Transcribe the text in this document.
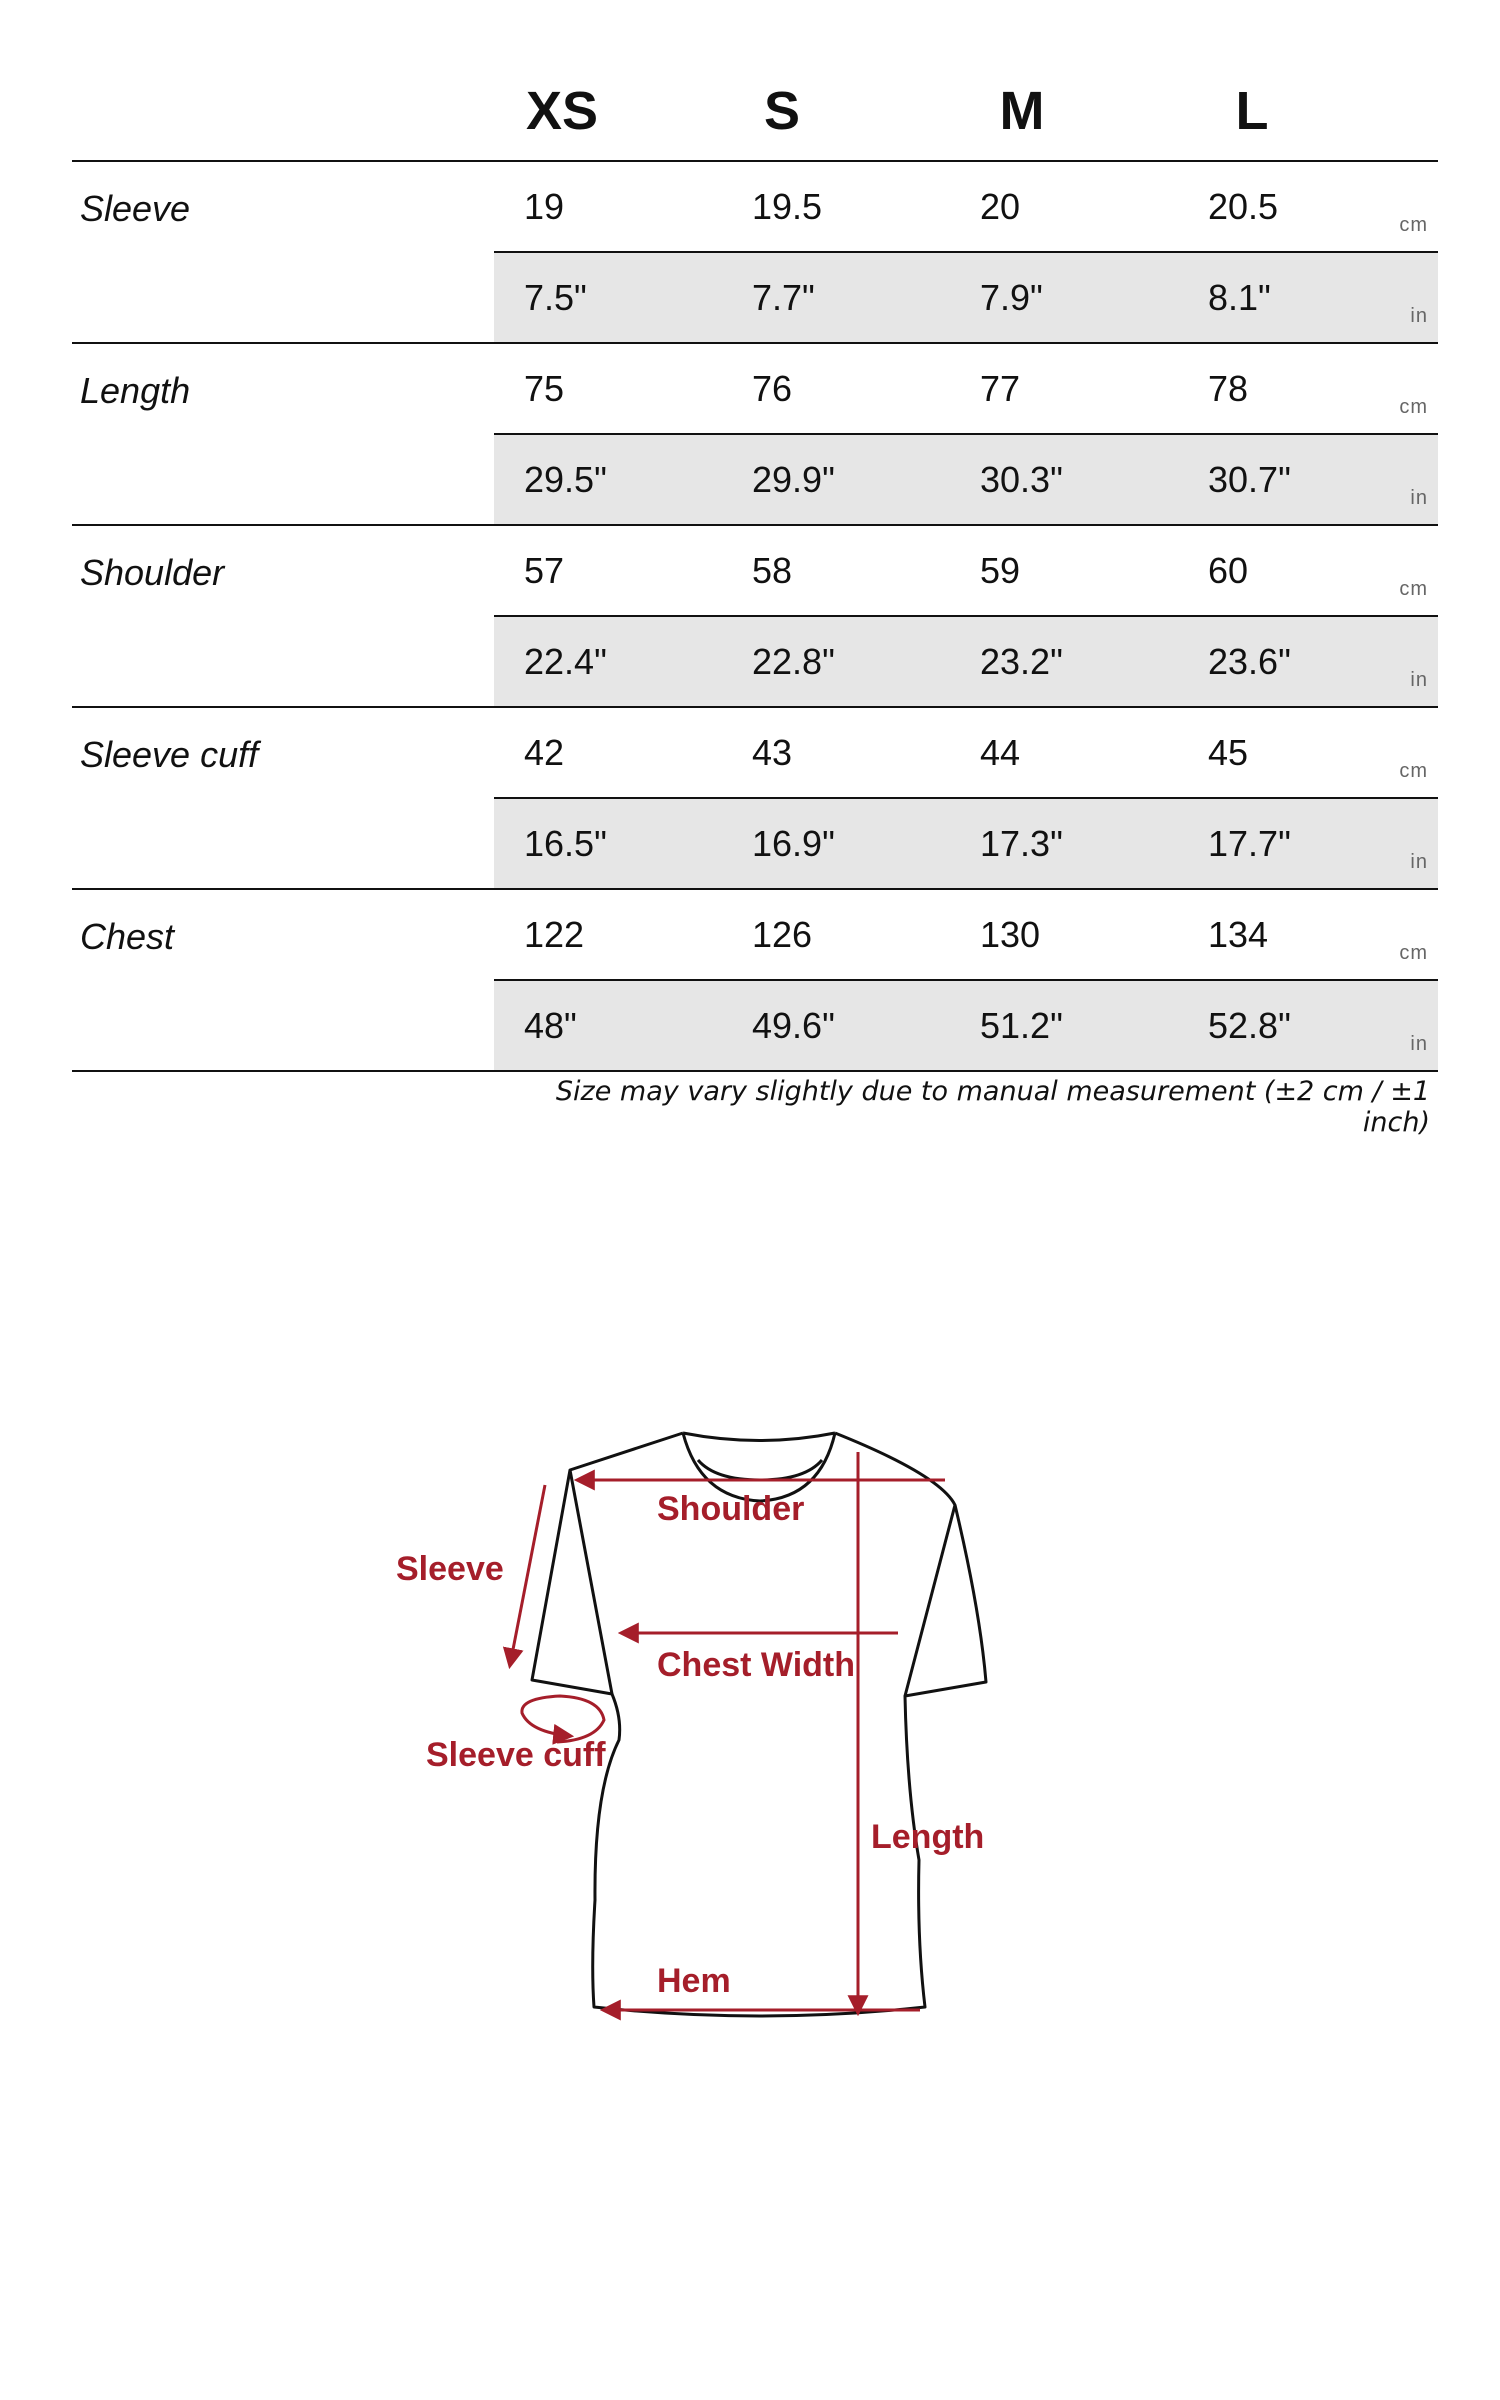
XS	S	M	L
Sleeve	19	19.5	20	20.5	cm
7.5"	7.7"	7.9"	8.1"	in
Length	75	76	77	78	cm
29.5"	29.9"	30.3"	30.7"	in
Shoulder	57	58	59	60	cm
22.4"	22.8"	23.2"	23.6"	in
Sleeve cuff	42	43	44	45	cm
16.5"	16.9"	17.3"	17.7"	in
Chest	122	126	130	134	cm
48"	49.6"	51.2"	52.8"	in
Size may vary slightly due to manual measurement (±2 cm / ±1 inch)
Sleeve
Shoulder
Chest Width
Sleeve cuff
Length
Hem
